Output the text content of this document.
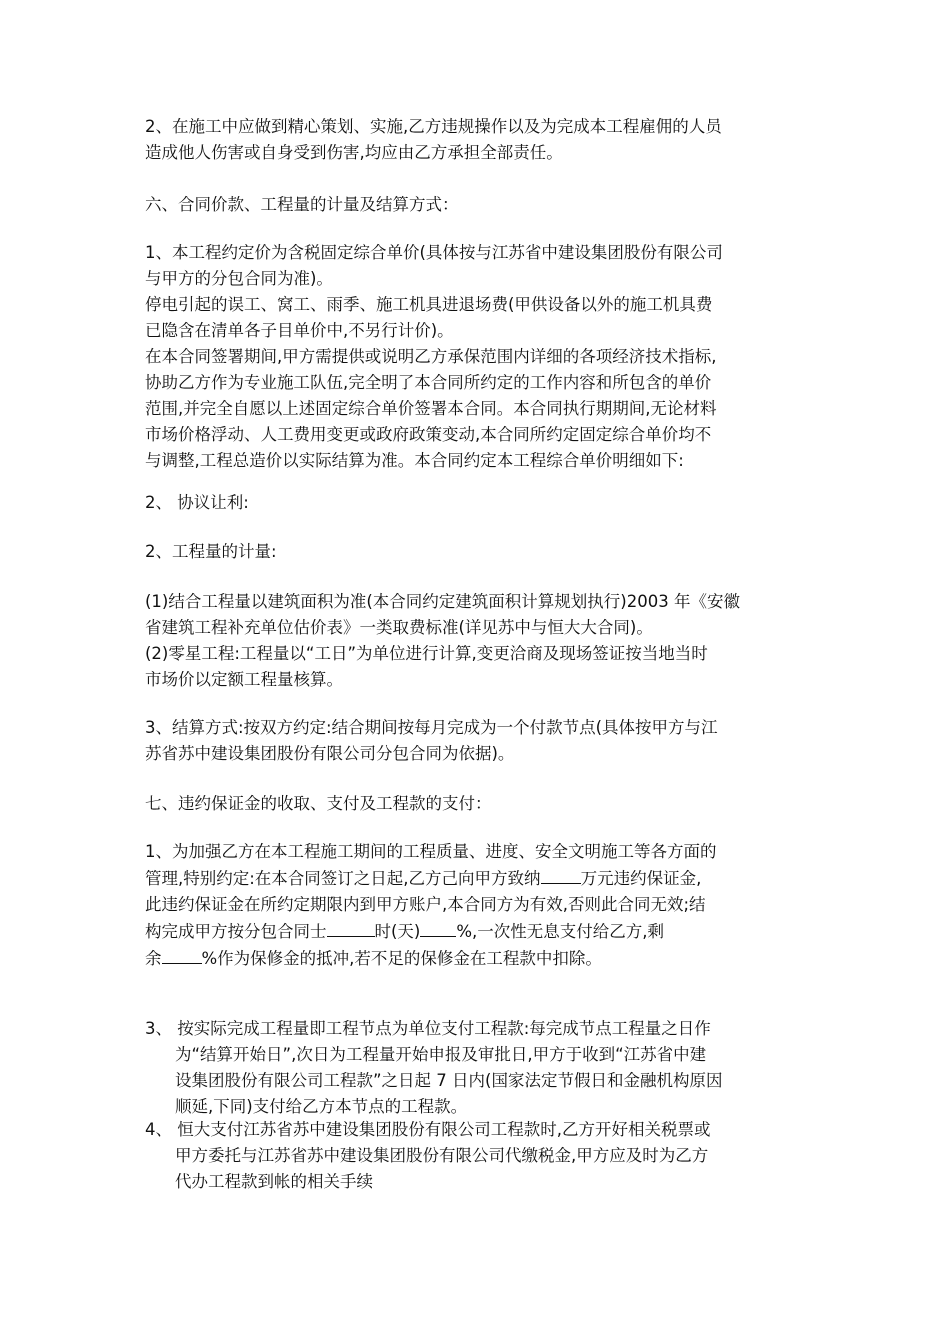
2、在施工中应做到精心策划、实施,乙方违规操作以及为完成本工程雇佣的人员
造成他人伤害或自身受到伤害,均应由乙方承担全部责任。

六、合同价款、工程量的计量及结算方式：

1、本工程约定价为含税固定综合单价(具体按与江苏省中建设集团股份有限公司
与甲方的分包合同为准)。
停电引起的误工、窝工、雨季、施工机具进退场费(甲供设备以外的施工机具费
已隐含在清单各子目单价中,不另行计价)。
在本合同签署期间,甲方需提供或说明乙方承保范围内详细的各项经济技术指标,
协助乙方作为专业施工队伍,完全明了本合同所约定的工作内容和所包含的单价
范围,并完全自愿以上述固定综合单价签署本合同。本合同执行期期间,无论材料
市场价格浮动、人工费用变更或政府政策变动,本合同所约定固定综合单价均不
与调整,工程总造价以实际结算为准。本合同约定本工程综合单价明细如下:

2、 协议让利:

2、工程量的计量:

(1)结合工程量以建筑面积为准(本合同约定建筑面积计算规划执行)2003 年《安徽
省建筑工程补充单位估价表》一类取费标准(详见苏中与恒大大合同)。
(2)零星工程:工程量以“工日”为单位进行计算,变更洽商及现场签证按当地当时
市场价以定额工程量核算。

3、结算方式:按双方约定:结合期间按每月完成为一个付款节点(具体按甲方与江
苏省苏中建设集团股份有限公司分包合同为依据)。

七、违约保证金的收取、支付及工程款的支付：

1、为加强乙方在本工程施工期间的工程质量、进度、安全文明施工等各方面的
管理,特别约定:在本合同签订之日起,乙方己向甲方致纳 万元违约保证金,
此违约保证金在所约定期限内到甲方账户,本合同方为有效,否则此合同无效;结
构完成甲方按分包合同士	时(天) %,一次性无息支付给乙方,剩
余 %作为保修金的抵冲,若不足的保修金在工程款中扣除。

3、 按实际完成工程量即工程节点为单位支付工程款:每完成节点工程量之日作
为“结算开始日”,次日为工程量开始申报及审批日,甲方于收到“江苏省中建
设集团股份有限公司工程款”之日起 7 日内(国家法定节假日和金融机构原因
顺延,下同)支付给乙方本节点的工程款。

4、 恒大支付江苏省苏中建设集团股份有限公司工程款时,乙方开好相关税票或
甲方委托与江苏省苏中建设集团股份有限公司代缴税金,甲方应及时为乙方
代办工程款到帐的相关手续
